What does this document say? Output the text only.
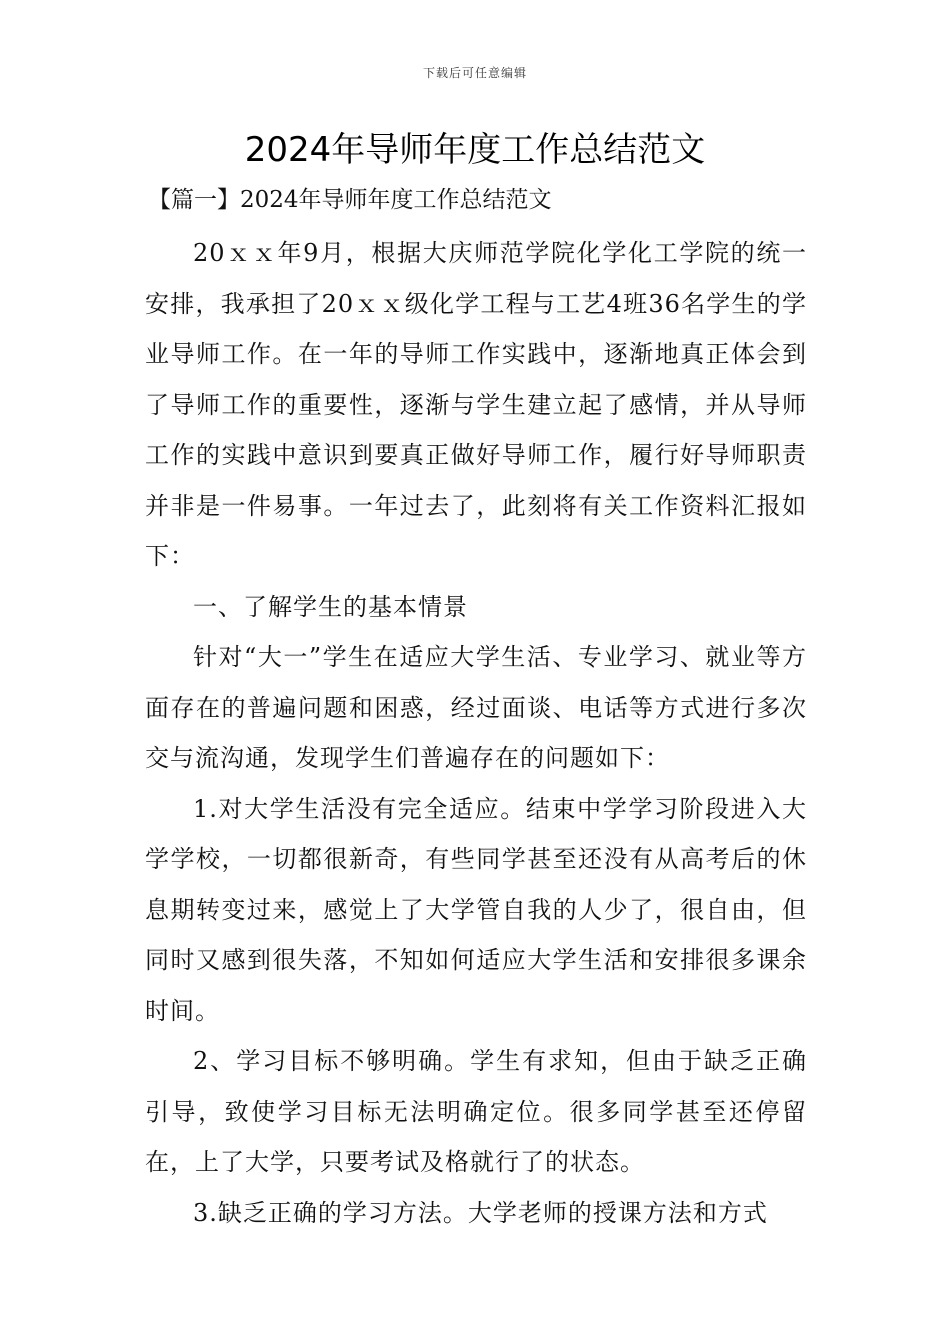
下载后可任意编辑
2024年导师年度工作总结范文
【篇一】2024年导师年度工作总结范文

20ｘｘ年9月，根据大庆师范学院化学化工学院的统一安排，我承担了20ｘｘ级化学工程与工艺4班36名学生的学业导师工作。在一年的导师工作实践中，逐渐地真正体会到了导师工作的重要性，逐渐与学生建立起了感情，并从导师工作的实践中意识到要真正做好导师工作，履行好导师职责并非是一件易事。一年过去了，此刻将有关工作资料汇报如下：

一、了解学生的基本情景

针对“大一”学生在适应大学生活、专业学习、就业等方面存在的普遍问题和困惑，经过面谈、电话等方式进行多次交与流沟通，发现学生们普遍存在的问题如下：

1.对大学生活没有完全适应。结束中学学习阶段进入大学学校，一切都很新奇，有些同学甚至还没有从高考后的休息期转变过来，感觉上了大学管自我的人少了，很自由，但同时又感到很失落，不知如何适应大学生活和安排很多课余时间。

2、学习目标不够明确。学生有求知，但由于缺乏正确引导，致使学习目标无法明确定位。很多同学甚至还停留在，上了大学，只要考试及格就行了的状态。

3.缺乏正确的学习方法。大学老师的授课方法和方式
